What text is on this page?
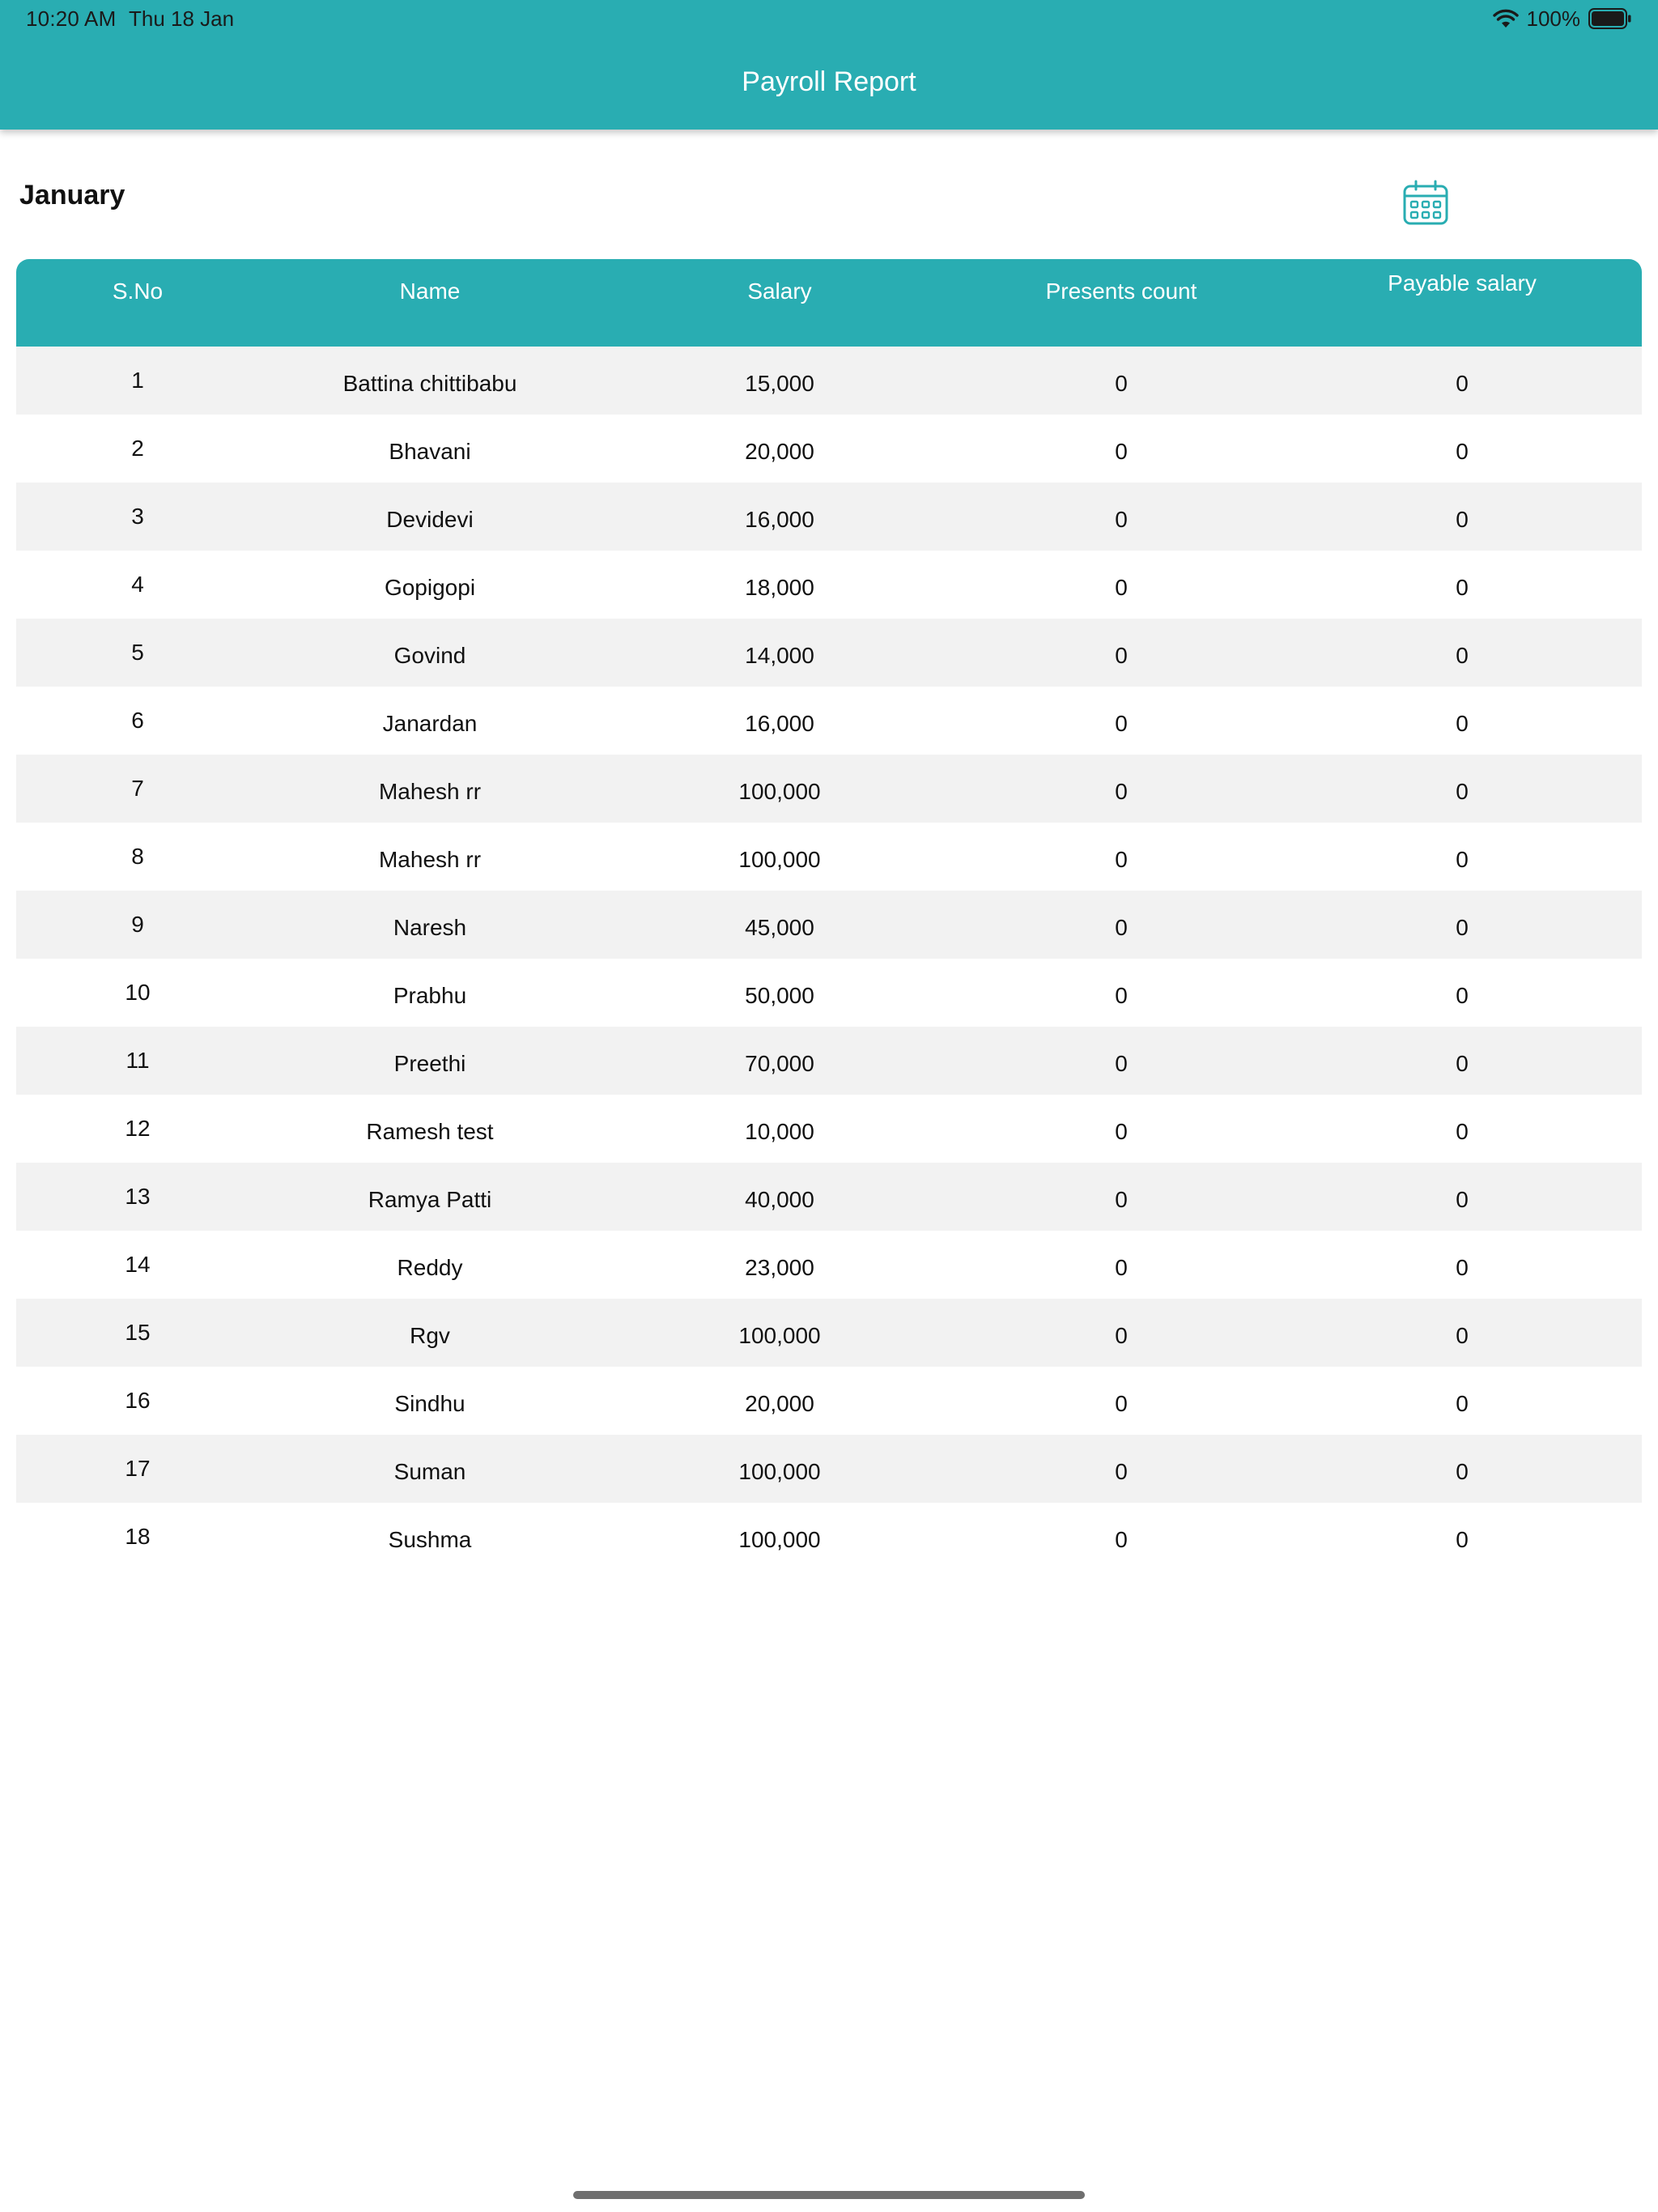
10:20 AM Thu 18 Jan	100%
Payroll Report
January
S.No	Name	Salary	Presents count	Payable salary
1	Battina chittibabu	15,000	0	0
2	Bhavani	20,000	0	0
3	Devidevi	16,000	0	0
4	Gopigopi	18,000	0	0
5	Govind	14,000	0	0
6	Janardan	16,000	0	0
7	Mahesh rr	100,000	0	0
8	Mahesh rr	100,000	0	0
9	Naresh	45,000	0	0
10	Prabhu	50,000	0	0
11	Preethi	70,000	0	0
12	Ramesh test	10,000	0	0
13	Ramya Patti	40,000	0	0
14	Reddy	23,000	0	0
15	Rgv	100,000	0	0
16	Sindhu	20,000	0	0
17	Suman	100,000	0	0
18	Sushma	100,000	0	0
